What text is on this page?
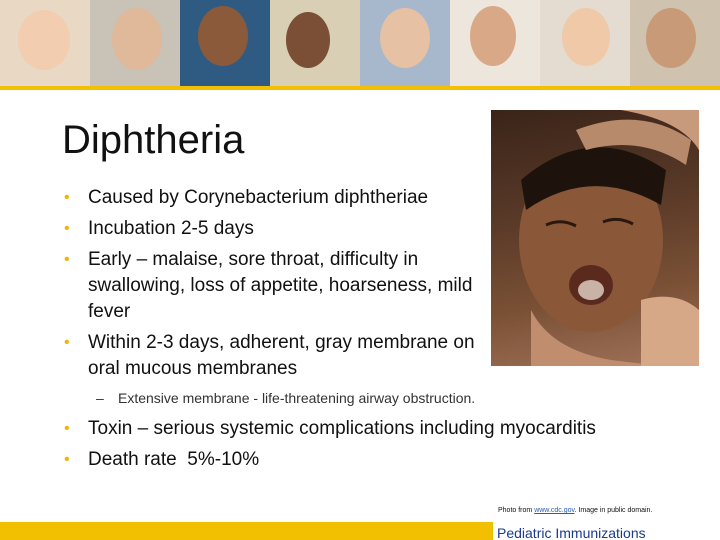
Diphtheria
• Caused by Corynebacterium diphtheriae
• Incubation 2-5 days
• Early – malaise, sore throat, difficulty in swallowing, loss of appetite, hoarseness, mild fever
• Within 2-3 days, adherent, gray membrane on oral mucous membranes
– Extensive membrane - life-threatening airway obstruction.
• Toxin – serious systemic complications including myocarditis
• Death rate  5%-10%
Photo from www.cdc.gov. Image in public domain.
Pediatric Immunizations
